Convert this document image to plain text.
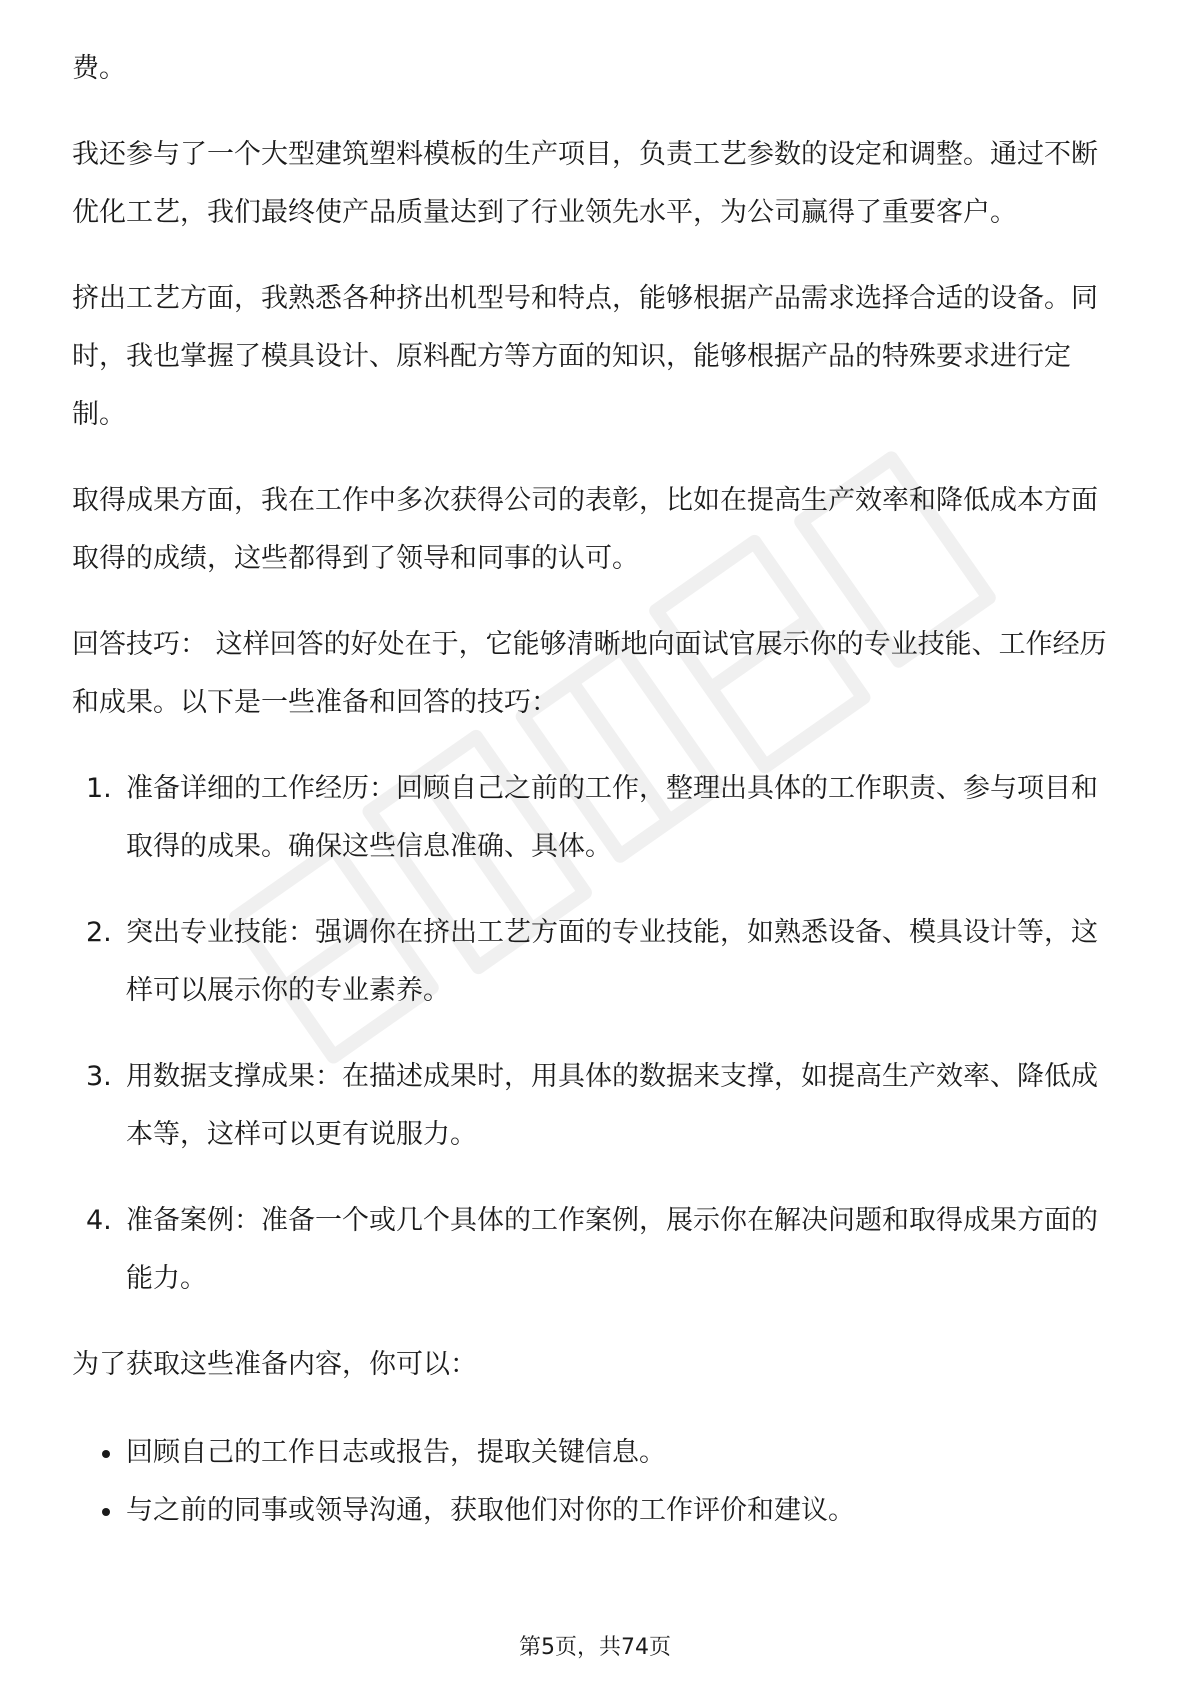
费。

我还参与了一个大型建筑塑料模板的生产项目，负责工艺参数的设定和调整。通过不断优化工艺，我们最终使产品质量达到了行业领先水平，为公司赢得了重要客户。

挤出工艺方面，我熟悉各种挤出机型号和特点，能够根据产品需求选择合适的设备。同时，我也掌握了模具设计、原料配方等方面的知识，能够根据产品的特殊要求进行定制。

取得成果方面，我在工作中多次获得公司的表彰，比如在提高生产效率和降低成本方面取得的成绩，这些都得到了领导和同事的认可。

回答技巧： 这样回答的好处在于，它能够清晰地向面试官展示你的专业技能、工作经历和成果。以下是一些准备和回答的技巧：

1. 准备详细的工作经历：回顾自己之前的工作，整理出具体的工作职责、参与项目和取得的成果。确保这些信息准确、具体。
2. 突出专业技能：强调你在挤出工艺方面的专业技能，如熟悉设备、模具设计等，这样可以展示你的专业素养。
3. 用数据支撑成果：在描述成果时，用具体的数据来支撑，如提高生产效率、降低成本等，这样可以更有说服力。
4. 准备案例：准备一个或几个具体的工作案例，展示你在解决问题和取得成果方面的能力。

为了获取这些准备内容，你可以：

回顾自己的工作日志或报告，提取关键信息。
与之前的同事或领导沟通，获取他们对你的工作评价和建议。
第5页，共74页
